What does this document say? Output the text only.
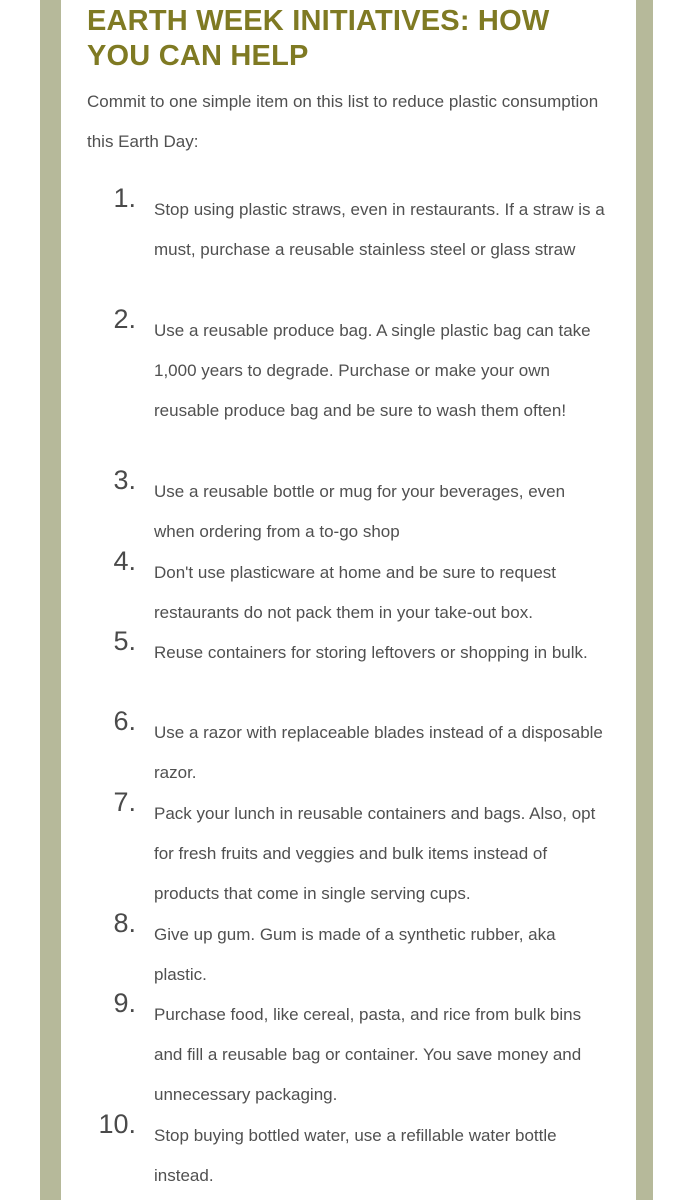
EARTH WEEK INITIATIVES: HOW YOU CAN HELP

Commit to one simple item on this list to reduce plastic consumption this Earth Day:

1. Stop using plastic straws, even in restaurants. If a straw is a must, purchase a reusable stainless steel or glass straw
2. Use a reusable produce bag. A single plastic bag can take 1,000 years to degrade. Purchase or make your own reusable produce bag and be sure to wash them often!
3. Use a reusable bottle or mug for your beverages, even when ordering from a to-go shop
4. Don't use plasticware at home and be sure to request restaurants do not pack them in your take-out box.
5. Reuse containers for storing leftovers or shopping in bulk.
6. Use a razor with replaceable blades instead of a disposable razor.
7. Pack your lunch in reusable containers and bags. Also, opt for fresh fruits and veggies and bulk items instead of products that come in single serving cups.
8. Give up gum. Gum is made of a synthetic rubber, aka plastic.
9. Purchase food, like cereal, pasta, and rice from bulk bins and fill a reusable bag or container. You save money and unnecessary packaging.
10. Stop buying bottled water, use a refillable water bottle instead.
